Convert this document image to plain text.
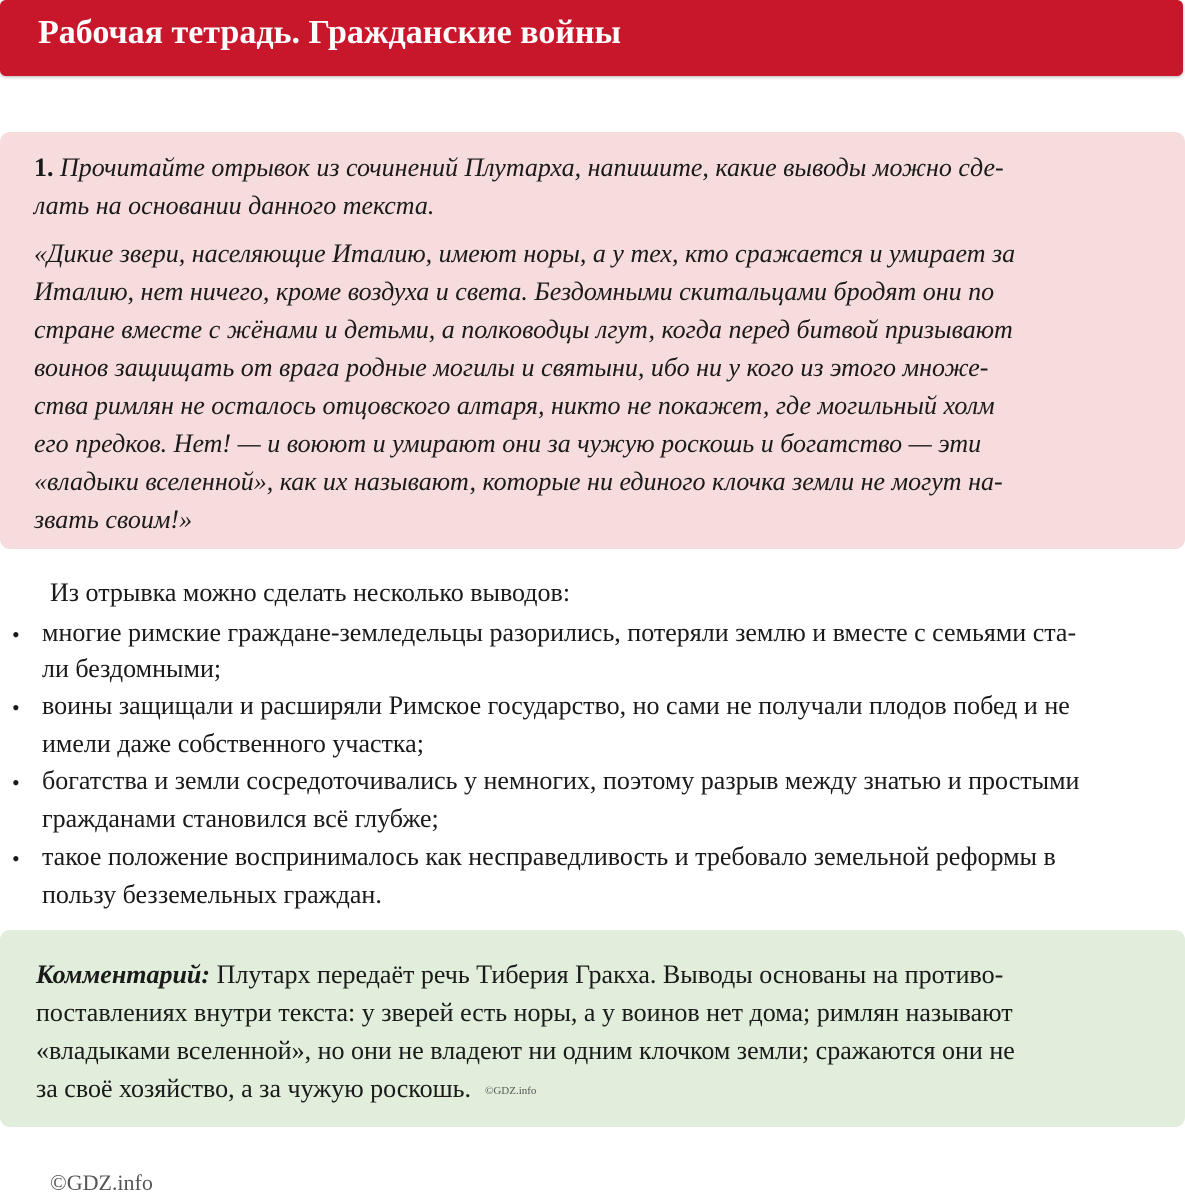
Рабочая тетрадь. Гражданские войны
1. Прочитайте отрывок из сочинений Плутарха, напишите, какие выводы можно сде-
лать на основании данного текста.
«Дикие звери, населяющие Италию, имеют норы, а у тех, кто сражается и умирает за
Италию, нет ничего, кроме воздуха и света. Бездомными скитальцами бродят они по
стране вместе с жёнами и детьми, а полководцы лгут, когда перед битвой призывают
воинов защищать от врага родные могилы и святыни, ибо ни у кого из этого множе-
ства римлян не осталось отцовского алтаря, никто не покажет, где могильный холм
его предков. Нет! — и воюют и умирают они за чужую роскошь и богатство — эти
«владыки вселенной», как их называют, которые ни единого клочка земли не могут на-
звать своим!»
Из отрывка можно сделать несколько выводов:
• многие римские граждане-земледельцы разорились, потеряли землю и вместе с семьями ста-
ли бездомными;
• воины защищали и расширяли Римское государство, но сами не получали плодов побед и не
имели даже собственного участка;
• богатства и земли сосредоточивались у немногих, поэтому разрыв между знатью и простыми
гражданами становился всё глубже;
• такое положение воспринималось как несправедливость и требовало земельной реформы в
пользу безземельных граждан.
Комментарий: Плутарх передаёт речь Тиберия Гракха. Выводы основаны на противо-
поставлениях внутри текста: у зверей есть норы, а у воинов нет дома; римлян называют
«владыками вселенной», но они не владеют ни одним клочком земли; сражаются они не
за своё хозяйство, а за чужую роскошь. ©GDZ.info
©GDZ.info
